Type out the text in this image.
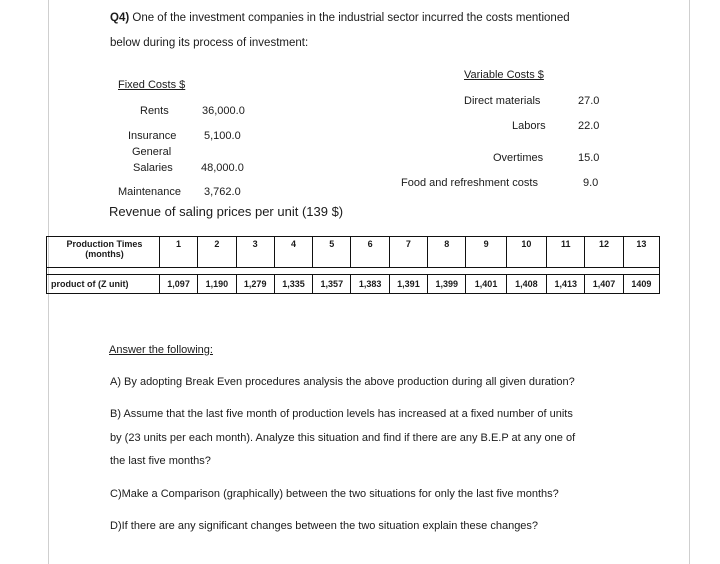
Q4) One of the investment companies in the industrial sector incurred the costs mentioned
below during its process of investment:
Fixed Costs $
Rents	36,000.0
Insurance	5,100.0
General
Salaries	48,000.0
Maintenance 3,762.0
Variable Costs $
Direct materials	27.0
Labors	22.0
Overtimes	15.0
Food and refreshment costs	9.0
Revenue of saling prices per unit (139 $)
Production Times
(months)	1	2	3	4	5	6	7	8	9	10	11	12	13

product of (Z unit)	1,097	1,190	1,279	1,335	1,357	1,383	1,391	1,399	1,401	1,408	1,413	1,407	1409
Answer the following:
A) By adopting Break Even procedures analysis the above production during all given duration?
B) Assume that the last five month of production levels has increased at a fixed number of units
by (23 units per each month). Analyze this situation and find if there are any B.E.P at any one of
the last five months?
C)Make a Comparison (graphically) between the two situations for only the last five months?
D)If there are any significant changes between the two situation explain these changes?
